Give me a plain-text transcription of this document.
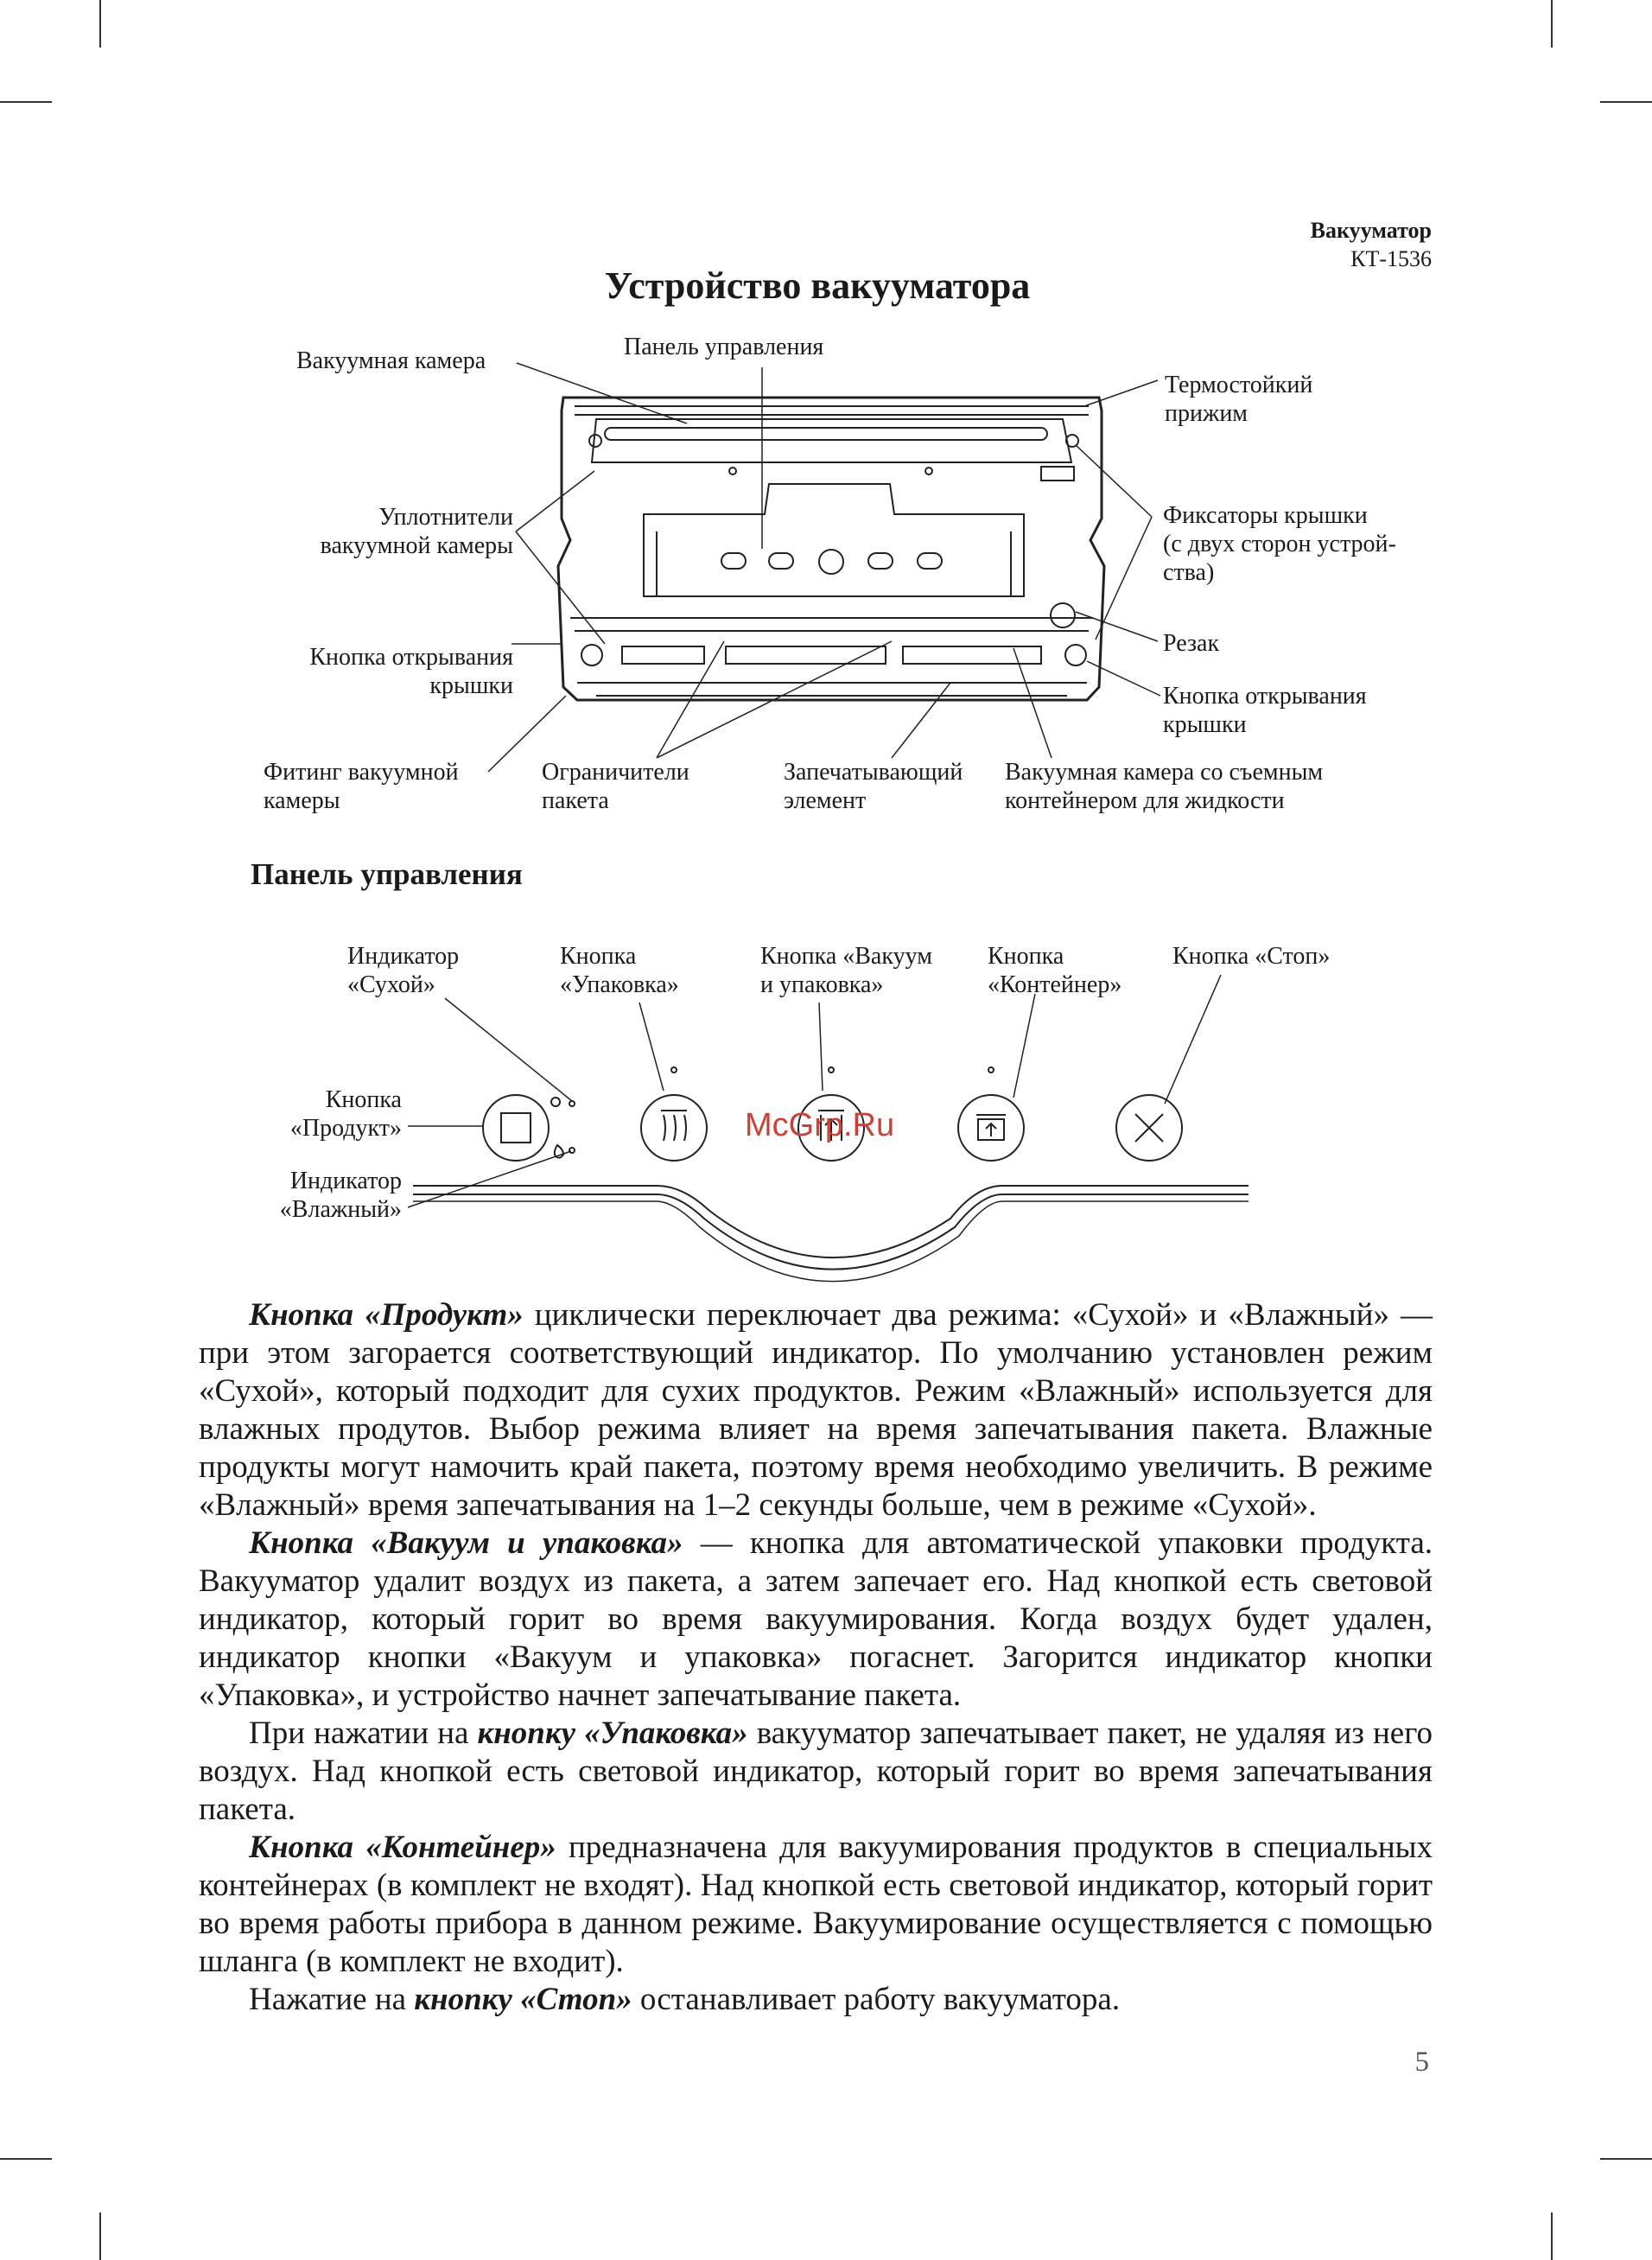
Вакууматор
КТ-1536
Устройство вакууматора
Вакуумная камера
Панель управления
Термостойкий
прижим
Уплотнители
вакуумной камеры
Фиксаторы крышки
(с двух сторон устрой-
ства)
Кнопка открывания
крышки
Резак
Кнопка открывания
крышки
Фитинг вакуумной
камеры
Ограничители
пакета
Запечатывающий
элемент
Вакуумная камера со съемным
контейнером для жидкости
Панель управления
Индикатор
«Сухой»
Кнопка
«Упаковка»
Кнопка «Вакуум
и упаковка»
Кнопка
«Контейнер»
Кнопка «Стоп»
Кнопка
«Продукт»
Индикатор
«Влажный»
McGrp.Ru

Кнопка «Продукт» циклически переключает два режима: «Сухой» и «Влажный» — при этом загорается соответствующий индикатор. По умолчанию установлен режим «Сухой», который подходит для сухих продуктов. Режим «Влажный» используется для влажных продутов. Выбор режима влияет на время запечатывания пакета. Влажные продукты могут намочить край пакета, поэтому время необходимо увеличить. В режиме «Влажный» время запечатывания на 1–2 секунды больше, чем в режиме «Сухой».

Кнопка «Вакуум и упаковка» — кнопка для автоматической упаковки продукта. Вакууматор удалит воздух из пакета, а затем запечает его. Над кнопкой есть световой индикатор, который горит во время вакуумирования. Когда воздух будет удален, индикатор кнопки «Вакуум и упаковка» погаснет. Загорится индикатор кнопки «Упаковка», и устройство начнет запечатывание пакета.

При нажатии на кнопку «Упаковка» вакууматор запечатывает пакет, не удаляя из него воздух. Над кнопкой есть световой индикатор, который горит во время запечатывания пакета.

Кнопка «Контейнер» предназначена для вакуумирования продуктов в специальных контейнерах (в комплект не входят). Над кнопкой есть световой индикатор, который горит во время работы прибора в данном режиме. Вакуумирование осуществляется с помощью шланга (в комплект не входит).

Нажатие на кнопку «Стоп» останавливает работу вакууматора.

5
